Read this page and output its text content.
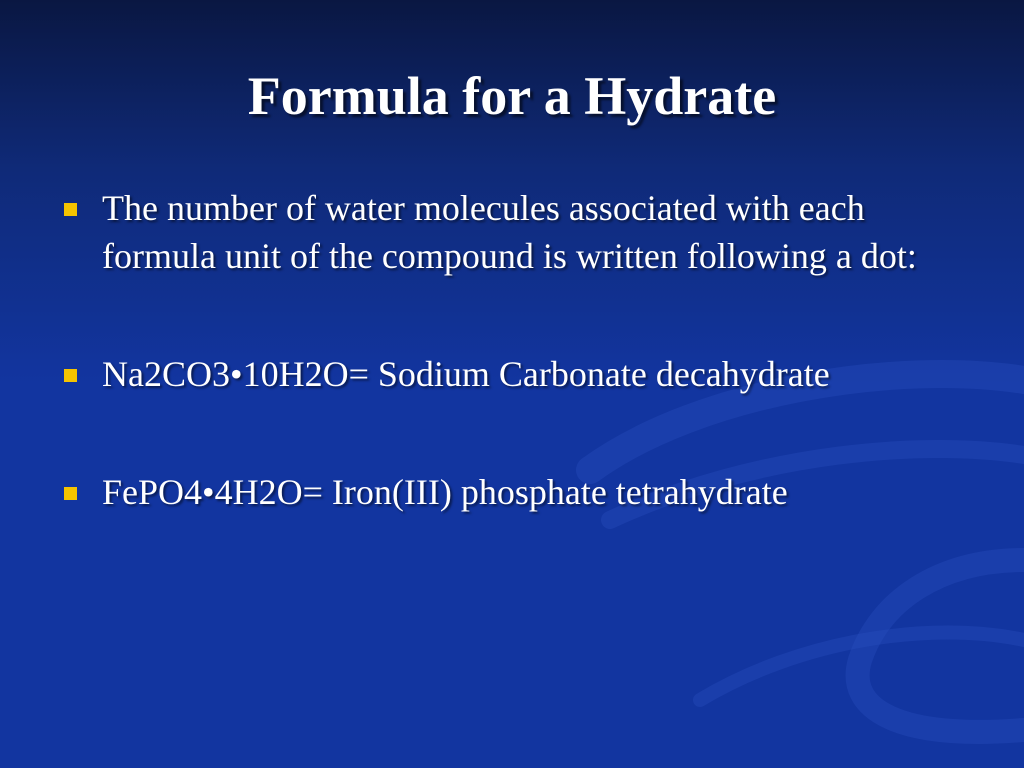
Formula for a Hydrate
The number of water molecules associated with each formula unit of the compound is written following a dot:
Na2CO3•10H2O= Sodium Carbonate decahydrate
FePO4•4H2O= Iron(III) phosphate tetrahydrate
